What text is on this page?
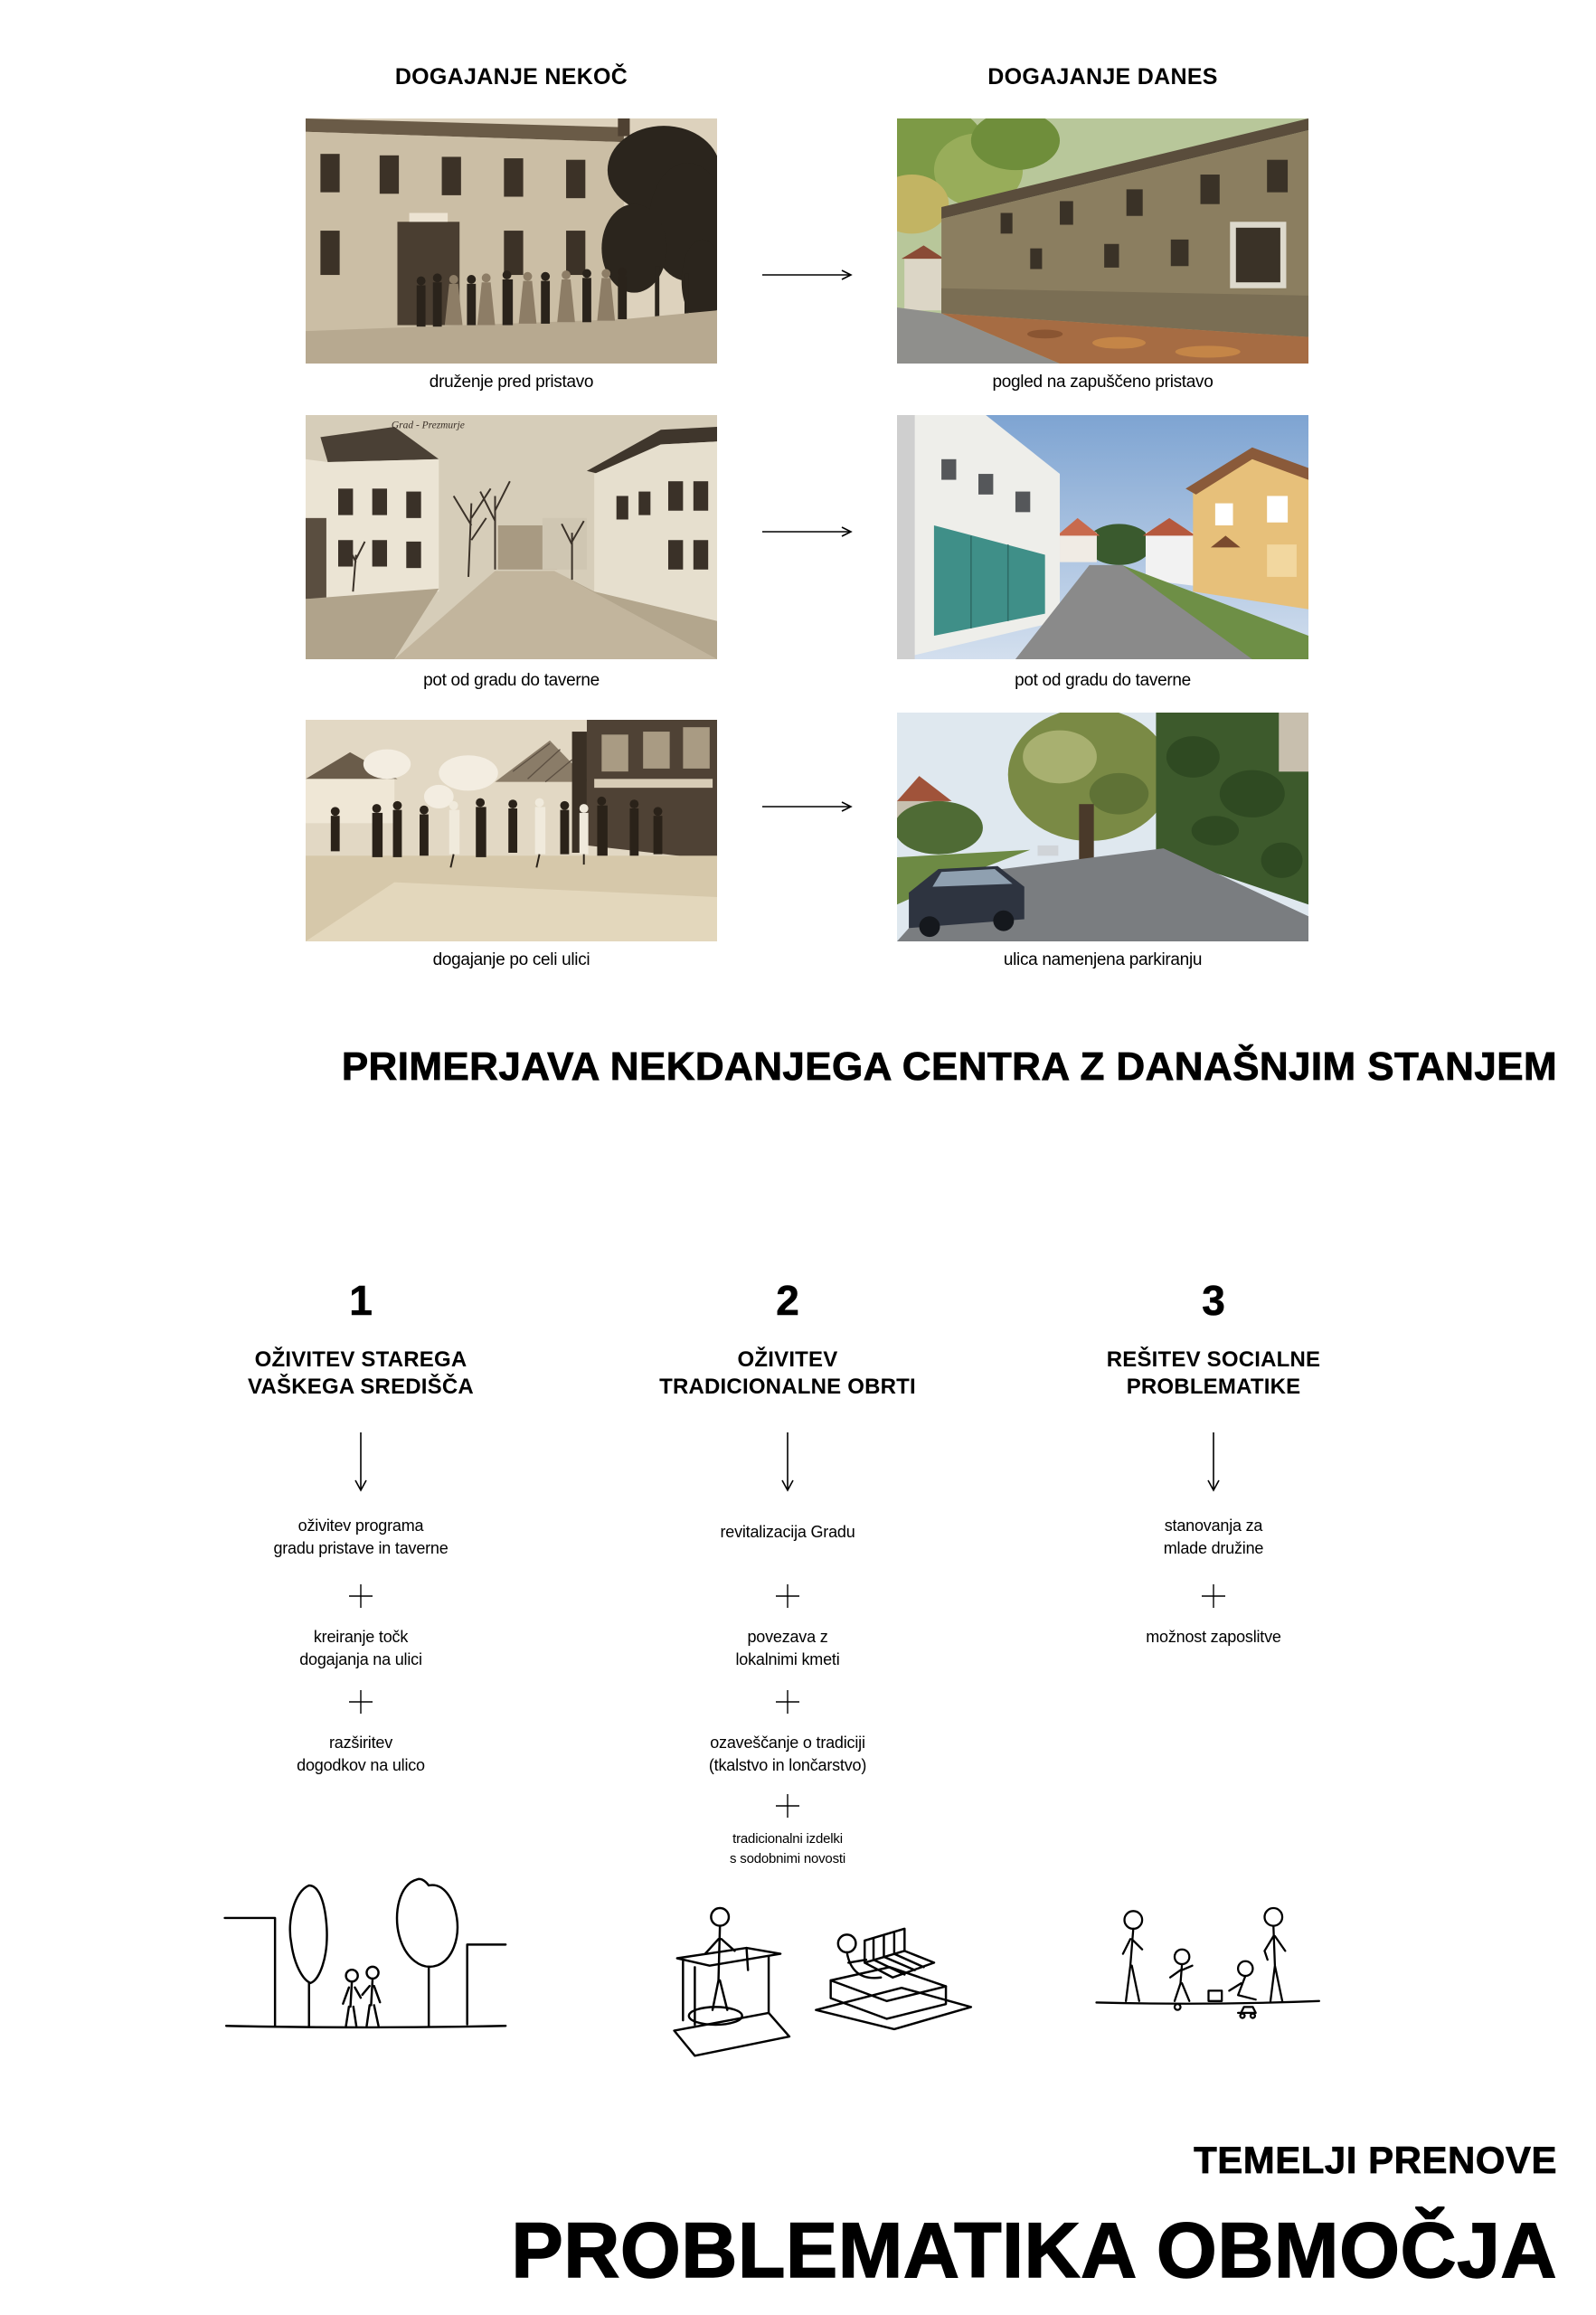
DOGAJANJE NEKOČ	DOGAJANJE DANES
druženje pred pristavo	pogled na zapuščeno pristavo
Grad - Prezmurje
pot od gradu do taverne	pot od gradu do taverne
dogajanje po celi ulici	ulica namenjena parkiranju
PRIMERJAVA NEKDANJEGA CENTRA Z DANAŠNJIM STANJEM
1
OŽIVITEV STAREGA
VAŠKEGA SREDIŠČA
oživitev programa
gradu pristave in taverne
kreiranje točk
dogajanja na ulici
razširitev
dogodkov na ulico
2
OŽIVITEV
TRADICIONALNE OBRTI
revitalizacija Gradu
povezava z
lokalnimi kmeti
ozaveščanje o tradiciji
(tkalstvo in lončarstvo)
tradicionalni izdelki
s sodobnimi novosti
3
REŠITEV SOCIALNE
PROBLEMATIKE
stanovanja za
mlade družine
možnost zaposlitve
TEMELJI PRENOVE
PROBLEMATIKA OBMOČJA
